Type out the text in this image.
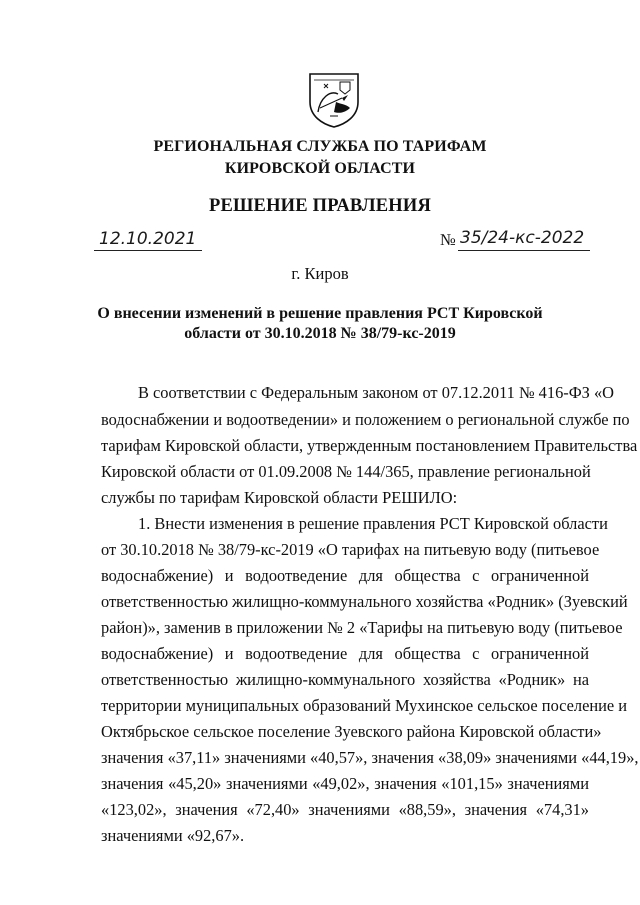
РЕГИОНАЛЬНАЯ СЛУЖБА ПО ТАРИФАМ
КИРОВСКОЙ ОБЛАСТИ
РЕШЕНИЕ ПРАВЛЕНИЯ
12.10.2021	№ 35/24-кс-2022
г. Киров
О внесении изменений в решение правления РСТ Кировской
области от 30.10.2018 № 38/79-кс-2019
В соответствии с Федеральным законом от 07.12.2011 № 416-ФЗ «О
водоснабжении и водоотведении» и положением о региональной службе по
тарифам Кировской области, утвержденным постановлением Правительства
Кировской области от 01.09.2008 № 144/365, правление региональной
службы по тарифам Кировской области РЕШИЛО:
1. Внести изменения в решение правления РСТ Кировской области
от 30.10.2018 № 38/79-кс-2019 «О тарифах на питьевую воду (питьевое
водоснабжение) и водоотведение для общества с ограниченной
ответственностью жилищно-коммунального хозяйства «Родник» (Зуевский
район)», заменив в приложении № 2 «Тарифы на питьевую воду (питьевое
водоснабжение) и водоотведение для общества с ограниченной
ответственностью жилищно-коммунального хозяйства «Родник» на
территории муниципальных образований Мухинское сельское поселение и
Октябрьское сельское поселение Зуевского района Кировской области»
значения «37,11» значениями «40,57», значения «38,09» значениями «44,19»,
значения «45,20» значениями «49,02», значения «101,15» значениями
«123,02», значения «72,40» значениями «88,59», значения «74,31»
значениями «92,67».
